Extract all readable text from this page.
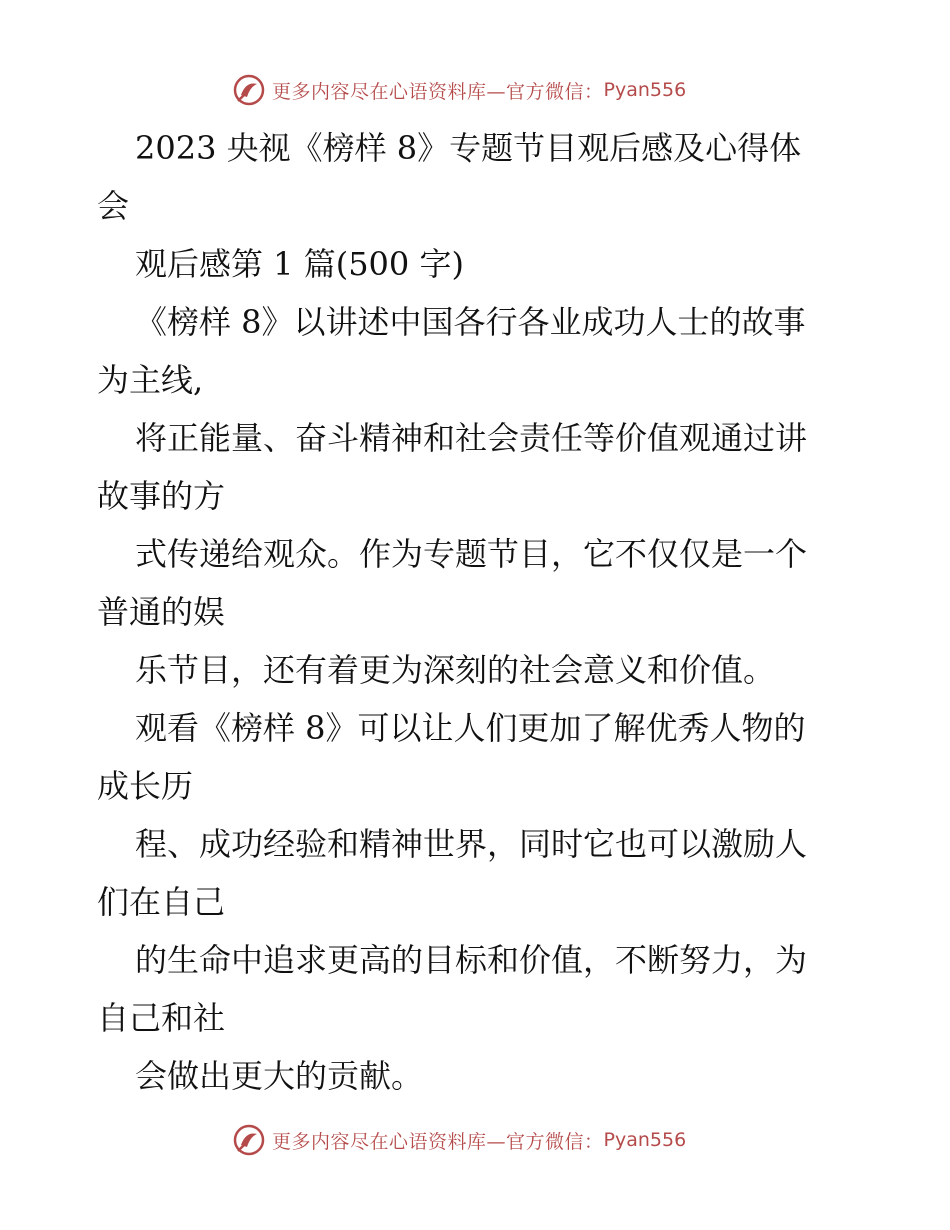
更多内容尽在心语资料库—官方微信： Pyan556
2023 央视《榜样 8》专题节目观后感及心得体
会
观后感第 1 篇(500 字)
《榜样 8》以讲述中国各行各业成功人士的故事
为主线,
将正能量、奋斗精神和社会责任等价值观通过讲
故事的方
式传递给观众。作为专题节目，它不仅仅是一个
普通的娱
乐节目，还有着更为深刻的社会意义和价值。
观看《榜样 8》可以让人们更加了解优秀人物的
成长历
程、成功经验和精神世界，同时它也可以激励人
们在自己
的生命中追求更高的目标和价值，不断努力，为
自己和社
会做出更大的贡献。
更多内容尽在心语资料库—官方微信： Pyan556
